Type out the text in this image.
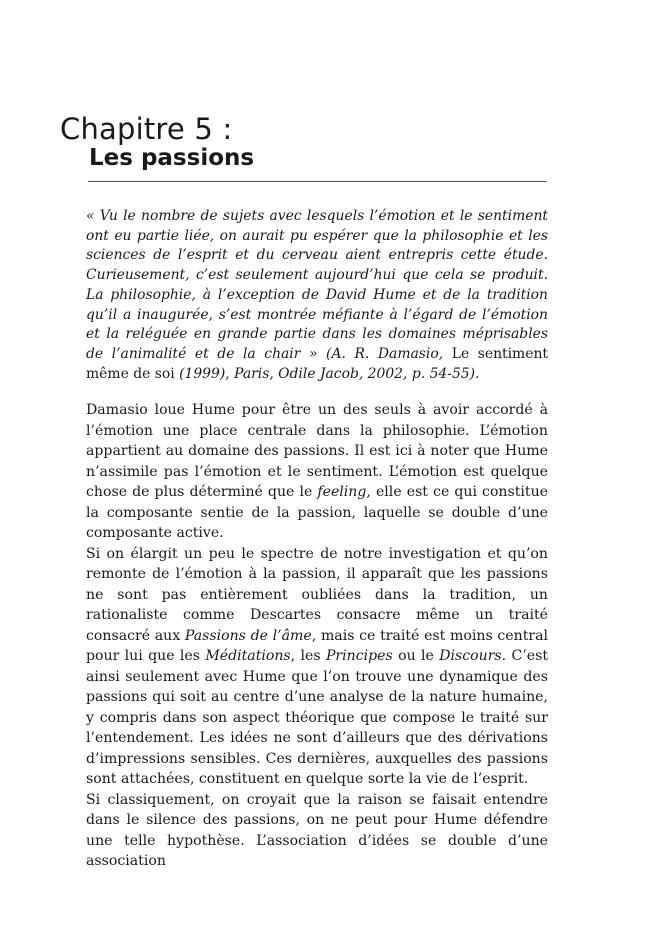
Chapitre 5 :
Les passions
« Vu le nombre de sujets avec lesquels l’émotion et le sentiment ont eu partie liée, on aurait pu espérer que la philosophie et les sciences de l’esprit et du cerveau aient entrepris cette étude. Curieusement, c’est seulement aujourd’hui que cela se produit. La philosophie, à l’exception de David Hume et de la tradition qu’il a inaugurée, s’est montrée méfiante à l’égard de l’émotion et la reléguée en grande partie dans les domaines méprisables de l’animalité et de la chair » (A. R. Damasio, Le sentiment même de soi (1999), Paris, Odile Jacob, 2002, p. 54-55).

Damasio loue Hume pour être un des seuls à avoir accordé à l’émotion une place centrale dans la philosophie. L’émotion appartient au domaine des passions. Il est ici à noter que Hume n’assimile pas l’émotion et le sentiment. L’émotion est quelque chose de plus déterminé que le feeling, elle est ce qui constitue la composante sentie de la passion, laquelle se double d’une composante active.

Si on élargit un peu le spectre de notre investigation et qu’on remonte de l’émotion à la passion, il apparaît que les passions ne sont pas entièrement oubliées dans la tradition, un rationaliste comme Descartes consacre même un traité consacré aux Passions de l’âme, mais ce traité est moins central pour lui que les Méditations, les Principes ou le Discours. C’est ainsi seulement avec Hume que l’on trouve une dynamique des passions qui soit au centre d’une analyse de la nature humaine, y compris dans son aspect théorique que compose le traité sur l’entendement. Les idées ne sont d’ailleurs que des dérivations d’impressions sensibles. Ces dernières, auxquelles des passions sont attachées, constituent en quelque sorte la vie de l’esprit.

Si classiquement, on croyait que la raison se faisait entendre dans le silence des passions, on ne peut pour Hume défendre une telle hypothèse. L’association d’idées se double d’une association
